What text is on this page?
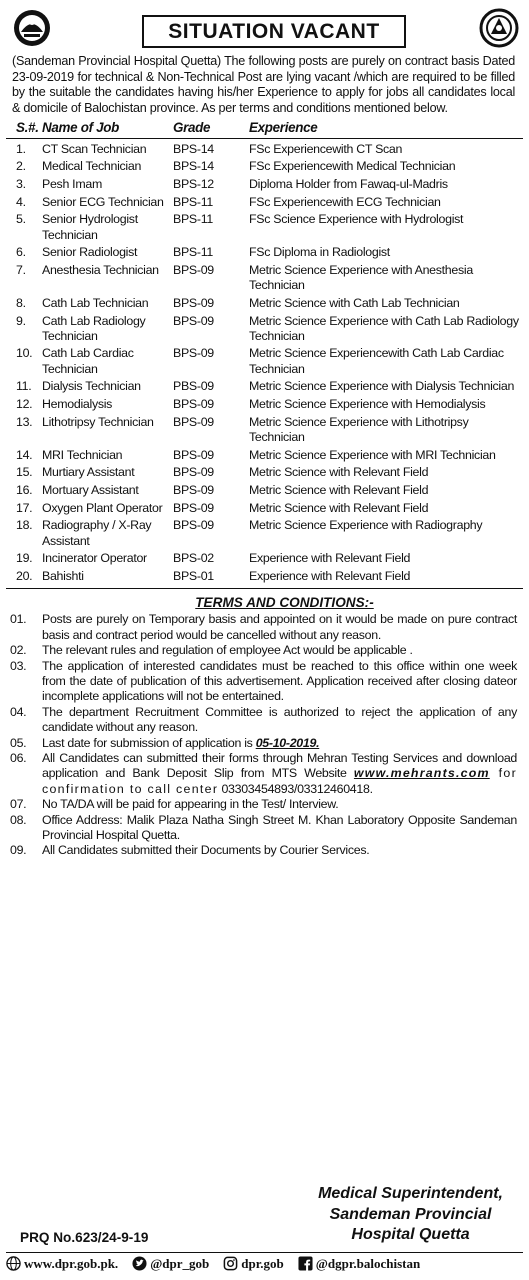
SITUATION VACANT

(Sandeman Provincial Hospital Quetta) The following posts are purely on contract basis Dated 23-09-2019 for technical & Non-Technical Post are lying vacant /which are required to be filled by the suitable the candidates having his/her Experience to apply for jobs all candidates local & domicile of Balochistan province. As per terms and conditions mentioned below.

S.#.	Name of Job	Grade	Experience
1.	CT Scan Technician	BPS-14	FSc Experiencewith CT Scan
2.	Medical Technician	BPS-14	FSc Experiencewith Medical Technician
3.	Pesh Imam	BPS-12	Diploma Holder from Fawaq-ul-Madris
4.	Senior ECG Technician	BPS-11	FSc Experiencewith ECG Technician
5.	Senior Hydrologist Technician	BPS-11	FSc Science Experience with Hydrologist
6.	Senior Radiologist	BPS-11	FSc Diploma in Radiologist
7.	Anesthesia Technician	BPS-09	Metric Science Experience with Anesthesia Technician
8.	Cath Lab Technician	BPS-09	Metric Science with Cath Lab Technician
9.	Cath Lab Radiology Technician	BPS-09	Metric Science Experience with Cath Lab Radiology Technician
10.	Cath Lab Cardiac Technician	BPS-09	Metric Science Experiencewith Cath Lab Cardiac Technician
11.	Dialysis Technician	PBS-09	Metric Science Experience with Dialysis Technician
12.	Hemodialysis	BPS-09	Metric Science Experience with Hemodialysis
13.	Lithotripsy Technician	BPS-09	Metric Science Experience with Lithotripsy Technician
14.	MRI Technician	BPS-09	Metric Science Experience with MRI Technician
15.	Murtiary Assistant	BPS-09	Metric Science with Relevant Field
16.	Mortuary Assistant	BPS-09	Metric Science with Relevant Field
17.	Oxygen Plant Operator	BPS-09	Metric Science with Relevant Field
18.	Radiography / X-Ray Assistant	BPS-09	Metric Science Experience with Radiography
19.	Incinerator Operator	BPS-02	Experience with Relevant Field
20.	Bahishti	BPS-01	Experience with Relevant Field
TERMS AND CONDITIONS:-
01.	Posts are purely on Temporary basis and appointed on it would be made on pure contract basis and contract period would be cancelled without any reason.
02.	The relevant rules and regulation of employee Act would be applicable .
03.	The application of interested candidates must be reached to this office within one week from the date of publication of this advertisement. Application received after closing dateor incomplete applications will not be entertained.
04.	The department Recruitment Committee is authorized to reject the application of any candidate without any reason.
05.	Last date for submission of application is 05-10-2019.
06.	All Candidates can submitted their forms through Mehran Testing Services and download application and Bank Deposit Slip from MTS Website www.mehrants.com for confirmation to call center 03303454893/03312460418.
07.	No TA/DA will be paid for appearing in the Test/ Interview.
08.	Office Address: Malik Plaza Natha Singh Street M. Khan Laboratory Opposite Sandeman Provincial Hospital Quetta.
09.	All Candidates submitted their Documents by Courier Services.
Medical Superintendent,
Sandeman Provincial
Hospital Quetta
PRQ No.623/24-9-19
www.dpr.gob.pk. @dpr_gob dpr.gob @dgpr.balochistan
